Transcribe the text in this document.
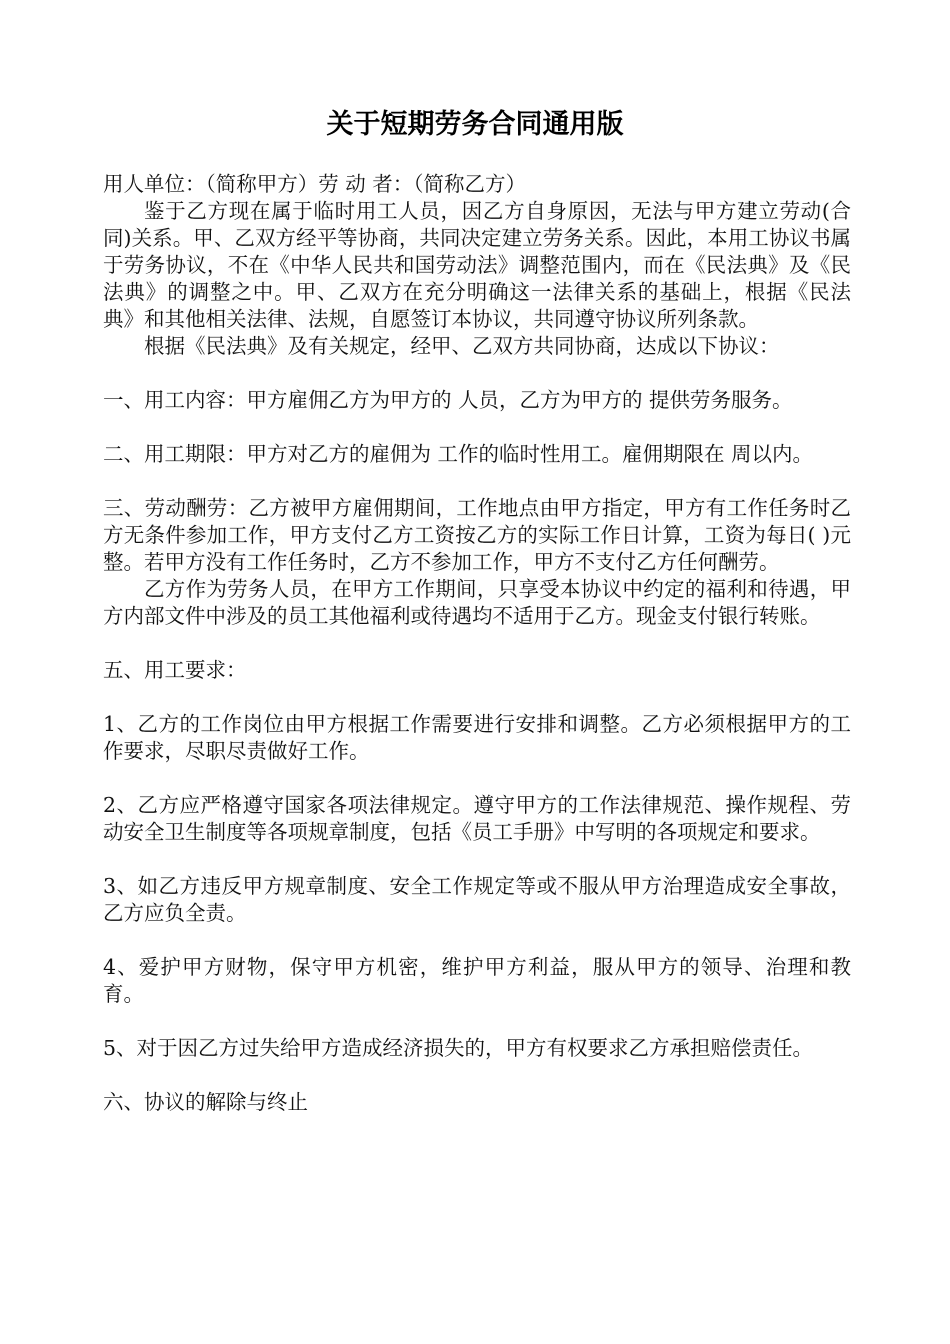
关于短期劳务合同通用版

用人单位：（简称甲方）劳 动 者：（简称乙方）

鉴于乙方现在属于临时用工人员，因乙方自身原因，无法与甲方建立劳动(合同)关系。甲、乙双方经平等协商，共同决定建立劳务关系。因此，本用工协议书属于劳务协议，不在《中华人民共和国劳动法》调整范围内，而在《民法典》及《民法典》的调整之中。甲、乙双方在充分明确这一法律关系的基础上，根据《民法典》和其他相关法律、法规，自愿签订本协议，共同遵守协议所列条款。

根据《民法典》及有关规定，经甲、乙双方共同协商，达成以下协议：

一、用工内容：甲方雇佣乙方为甲方的 人员，乙方为甲方的 提供劳务服务。

二、用工期限：甲方对乙方的雇佣为 工作的临时性用工。雇佣期限在 周以内。

三、劳动酬劳：乙方被甲方雇佣期间，工作地点由甲方指定，甲方有工作任务时乙方无条件参加工作，甲方支付乙方工资按乙方的实际工作日计算，工资为每日( )元整。若甲方没有工作任务时，乙方不参加工作，甲方不支付乙方任何酬劳。

乙方作为劳务人员，在甲方工作期间，只享受本协议中约定的福利和待遇，甲方内部文件中涉及的员工其他福利或待遇均不适用于乙方。现金支付银行转账。

五、用工要求：

1、乙方的工作岗位由甲方根据工作需要进行安排和调整。乙方必须根据甲方的工作要求，尽职尽责做好工作。

2、乙方应严格遵守国家各项法律规定。遵守甲方的工作法律规范、操作规程、劳动安全卫生制度等各项规章制度，包括《员工手册》中写明的各项规定和要求。

3、如乙方违反甲方规章制度、安全工作规定等或不服从甲方治理造成安全事故，乙方应负全责。

4、爱护甲方财物，保守甲方机密，维护甲方利益，服从甲方的领导、治理和教育。

5、对于因乙方过失给甲方造成经济损失的，甲方有权要求乙方承担赔偿责任。

六、协议的解除与终止
